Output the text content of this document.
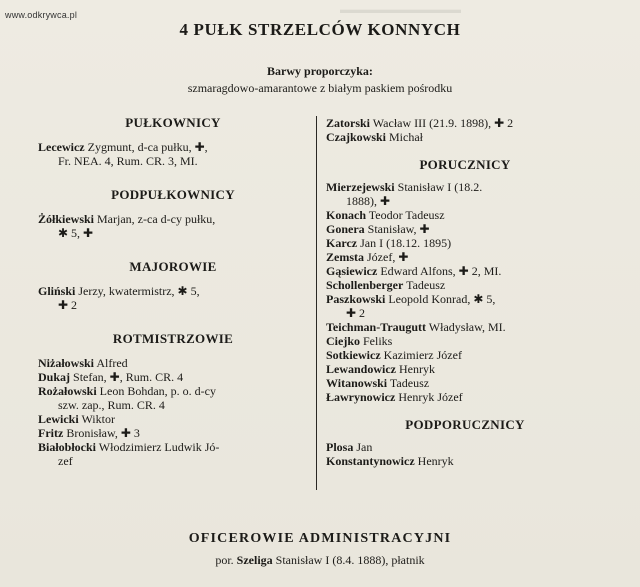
▬▬▬▬▬▬▬▬▬▬▬
www.odkrywca.pl
4 PUŁK STRZELCÓW KONNYCH
Barwy proporczyka:
szmaragdowo-amarantowe z białym paskiem pośrodku
PUŁKOWNICY
Lecewicz Zygmunt, d-ca pułku, ✚,
Fr. NEA. 4, Rum. CR. 3, MI.
PODPUŁKOWNICY
Żółkiewski Marjan, z-ca d-cy pułku,
✱ 5, ✚
MAJOROWIE
Gliński Jerzy, kwatermistrz, ✱ 5,
✚ 2
ROTMISTRZOWIE
Niżałowski Alfred
Dukaj Stefan, ✚, Rum. CR. 4
Rożałowski Leon Bohdan, p. o. d-cy
szw. zap., Rum. CR. 4
Lewicki Wiktor
Fritz Bronisław, ✚ 3
Białobłocki Włodzimierz Ludwik Jó-
zef
Zatorski Wacław III (21.9. 1898), ✚ 2
Czajkowski Michał
PORUCZNICY
Mierzejewski Stanisław I (18.2.
1888), ✚
Konach Teodor Tadeusz
Gonera Stanisław, ✚
Karcz Jan I (18.12. 1895)
Zemsta Józef, ✚
Gąsiewicz Edward Alfons, ✚ 2, MI.
Schollenberger Tadeusz
Paszkowski Leopold Konrad, ✱ 5,
✚ 2
Teichman-Traugutt Władysław, MI.
Ciejko Feliks
Sotkiewicz Kazimierz Józef
Lewandowicz Henryk
Witanowski Tadeusz
Ławrynowicz Henryk Józef
PODPORUCZNICY
Plosa Jan
Konstantynowicz Henryk
OFICEROWIE ADMINISTRACYJNI
por. Szeliga Stanisław I (8.4. 1888), płatnik
